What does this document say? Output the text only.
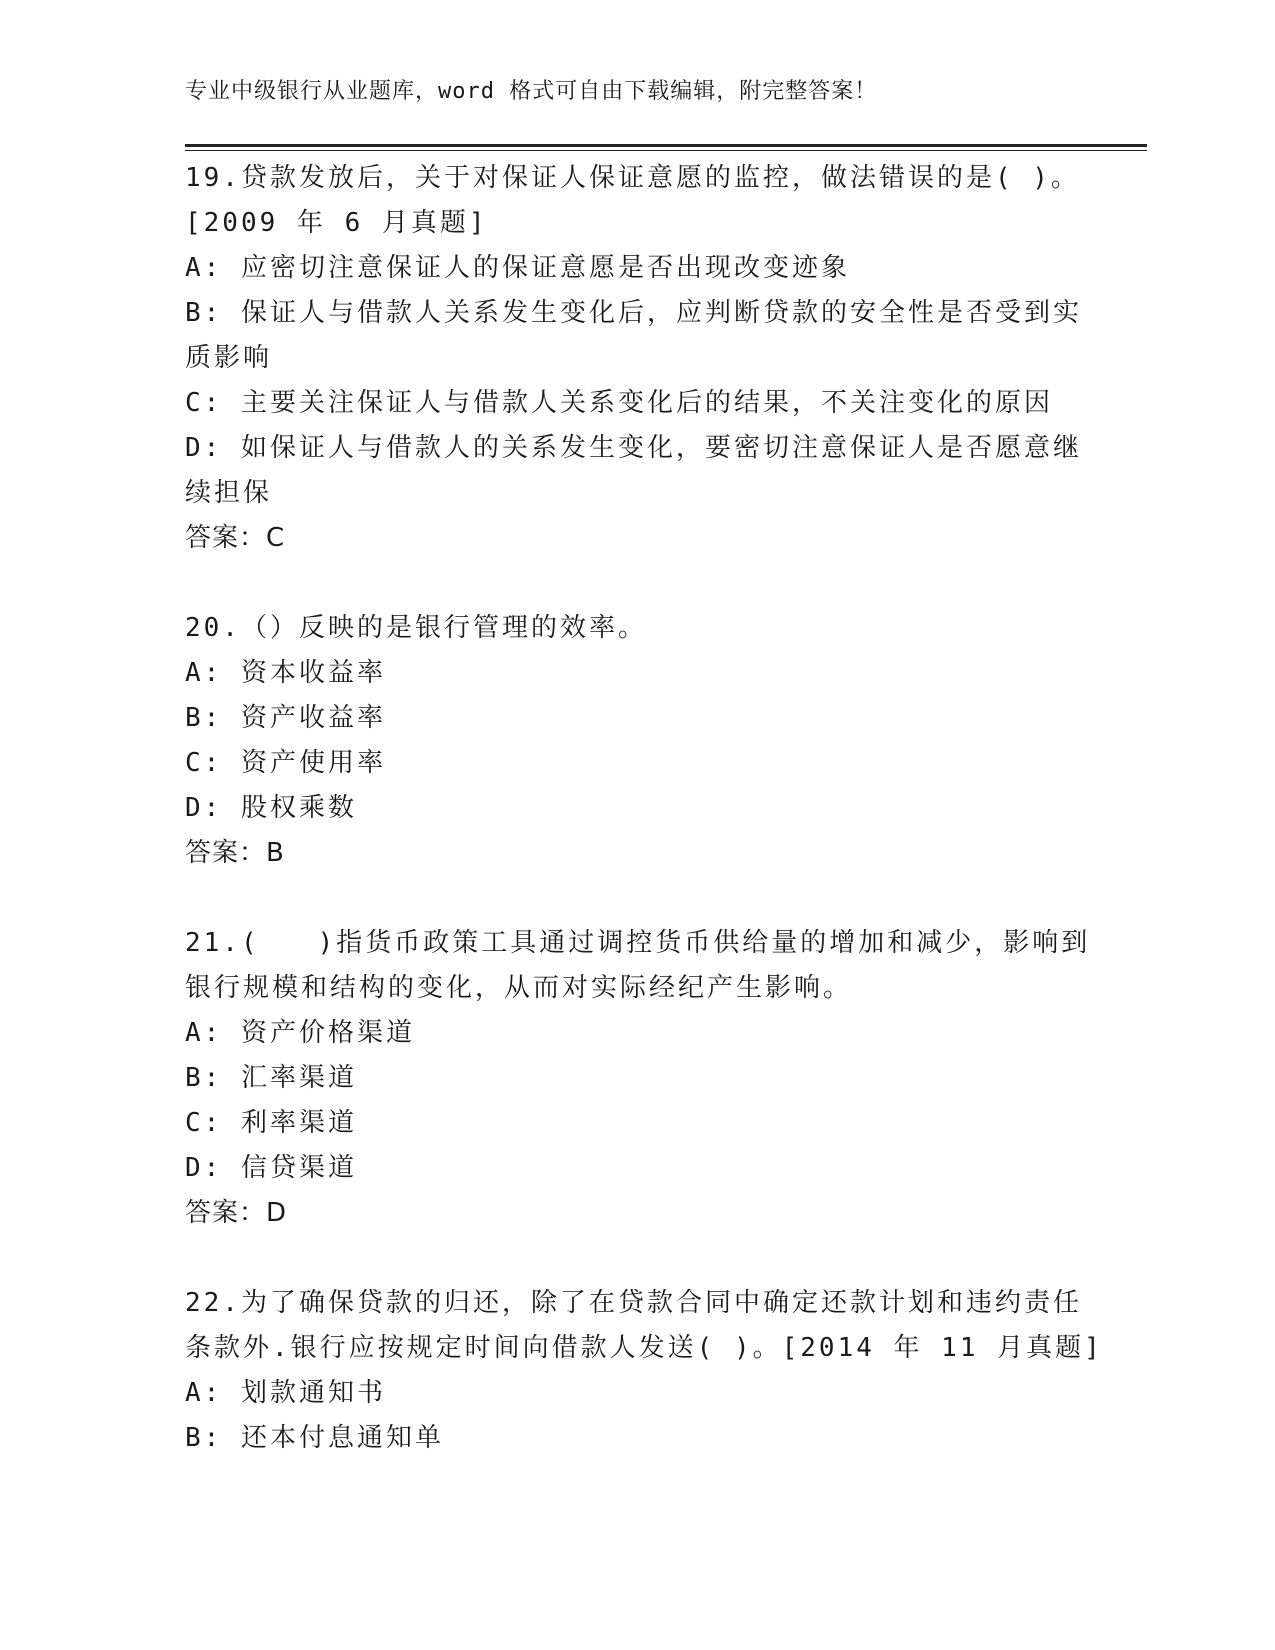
专业中级银行从业题库，word 格式可自由下载编辑，附完整答案！
19.贷款发放后，关于对保证人保证意愿的监控，做法错误的是( )。
[2009 年 6 月真题]
A: 应密切注意保证人的保证意愿是否出现改变迹象
B: 保证人与借款人关系发生变化后，应判断贷款的安全性是否受到实
质影响
C: 主要关注保证人与借款人关系变化后的结果，不关注变化的原因
D: 如保证人与借款人的关系发生变化，要密切注意保证人是否愿意继
续担保
答案：C
20.（）反映的是银行管理的效率。
A: 资本收益率
B: 资产收益率
C: 资产使用率
D: 股权乘数
答案：B
21.(　　)指货币政策工具通过调控货币供给量的增加和减少，影响到
银行规模和结构的变化，从而对实际经纪产生影响。
A: 资产价格渠道
B: 汇率渠道
C: 利率渠道
D: 信贷渠道
答案：D
22.为了确保贷款的归还，除了在贷款合同中确定还款计划和违约责任
条款外.银行应按规定时间向借款人发送( )。[2014 年 11 月真题]
A: 划款通知书
B: 还本付息通知单
